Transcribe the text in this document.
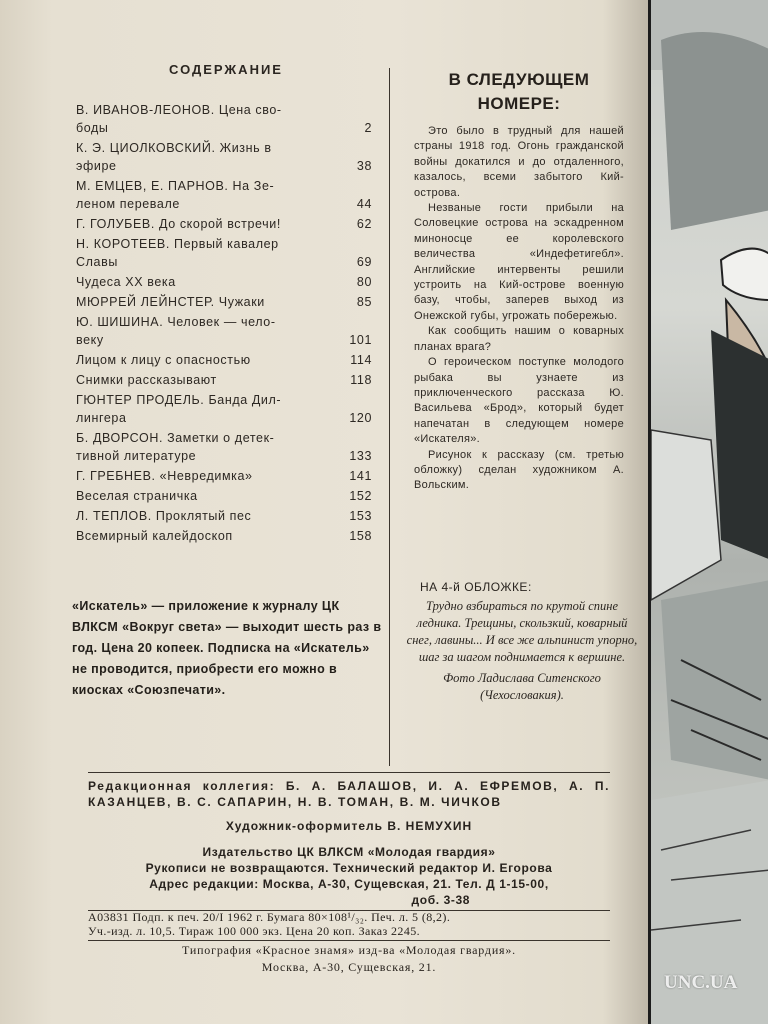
СОДЕРЖАНИЕ
В. ИВАНОВ-ЛЕОНОВ. Цена сво-
боды	2
К. Э. ЦИОЛКОВСКИЙ. Жизнь в
эфире	38
М. ЕМЦЕВ, Е. ПАРНОВ. На Зе-
леном перевале	44
Г. ГОЛУБЕВ. До скорой встречи!	62
Н. КОРОТЕЕВ. Первый кавалер
Славы	69
Чудеса XX века	80
МЮРРЕЙ ЛЕЙНСТЕР. Чужаки	85
Ю. ШИШИНА. Человек — чело-
веку	101
Лицом к лицу с опасностью	114
Снимки рассказывают	118
ГЮНТЕР ПРОДЕЛЬ. Банда Дил-
лингера	120
Б. ДВОРСОН. Заметки о детек-
тивной литературе	133
Г. ГРЕБНЕВ. «Невредимка»	141
Веселая страничка	152
Л. ТЕПЛОВ. Проклятый пес	153
Всемирный калейдоскоп	158
В СЛЕДУЮЩЕМ НОМЕРЕ:

Это было в трудный для нашей страны 1918 год. Огонь гражданской войны докатился и до отдаленного, казалось, всеми забытого Кий-острова.

Незваные гости прибыли на Соловецкие острова на эскадренном миноносце ее королевского величества «Индефетигебл». Английские интервенты решили устроить на Кий-острове военную базу, чтобы, заперев выход из Онежской губы, угрожать побережью.

Как сообщить нашим о коварных планах врага?

О героическом поступке молодого рыбака вы узнаете из приключенческого рассказа Ю. Васильева «Брод», который будет напечатан в следующем номере «Искателя».

Рисунок к рассказу (см. третью обложку) сделан художником А. Вольским.

НА 4-й ОБЛОЖКЕ:

Трудно взбираться по крутой спине ледника. Трещины, скользкий, коварный снег, лавины... И все же альпинист упорно, шаг за шагом поднимается к вершине.

Фото Ладислава Ситенского (Чехословакия).

«Искатель» — приложение к журналу ЦК ВЛКСМ «Вокруг света» — выходит шесть раз в год. Цена 20 копеек. Подписка на «Искатель» не проводится, приобрести его можно в киосках «Союзпечати».
Редакционная коллегия: Б. А. БАЛАШОВ, И. А. ЕФРЕМОВ, А. П. КАЗАНЦЕВ, В. С. САПАРИН, Н. В. ТОМАН, В. М. ЧИЧКОВ
Художник-оформитель В. НЕМУХИН
Издательство ЦК ВЛКСМ «Молодая гвардия»
Рукописи не возвращаются. Технический редактор И. Егорова
Адрес редакции: Москва, А-30, Сущевская, 21. Тел. Д 1-15-00,
доб. 3-38
А03831 Подп. к печ. 20/I 1962 г. Бумага 80×108¹/₃₂. Печ. л. 5 (8,2).
Уч.-изд. л. 10,5. Тираж 100 000 экз. Цена 20 коп. Заказ 2245.
Типография «Красное знамя» изд-ва «Молодая гвардия».
Москва, А-30, Сущевская, 21.
UNC.UA
